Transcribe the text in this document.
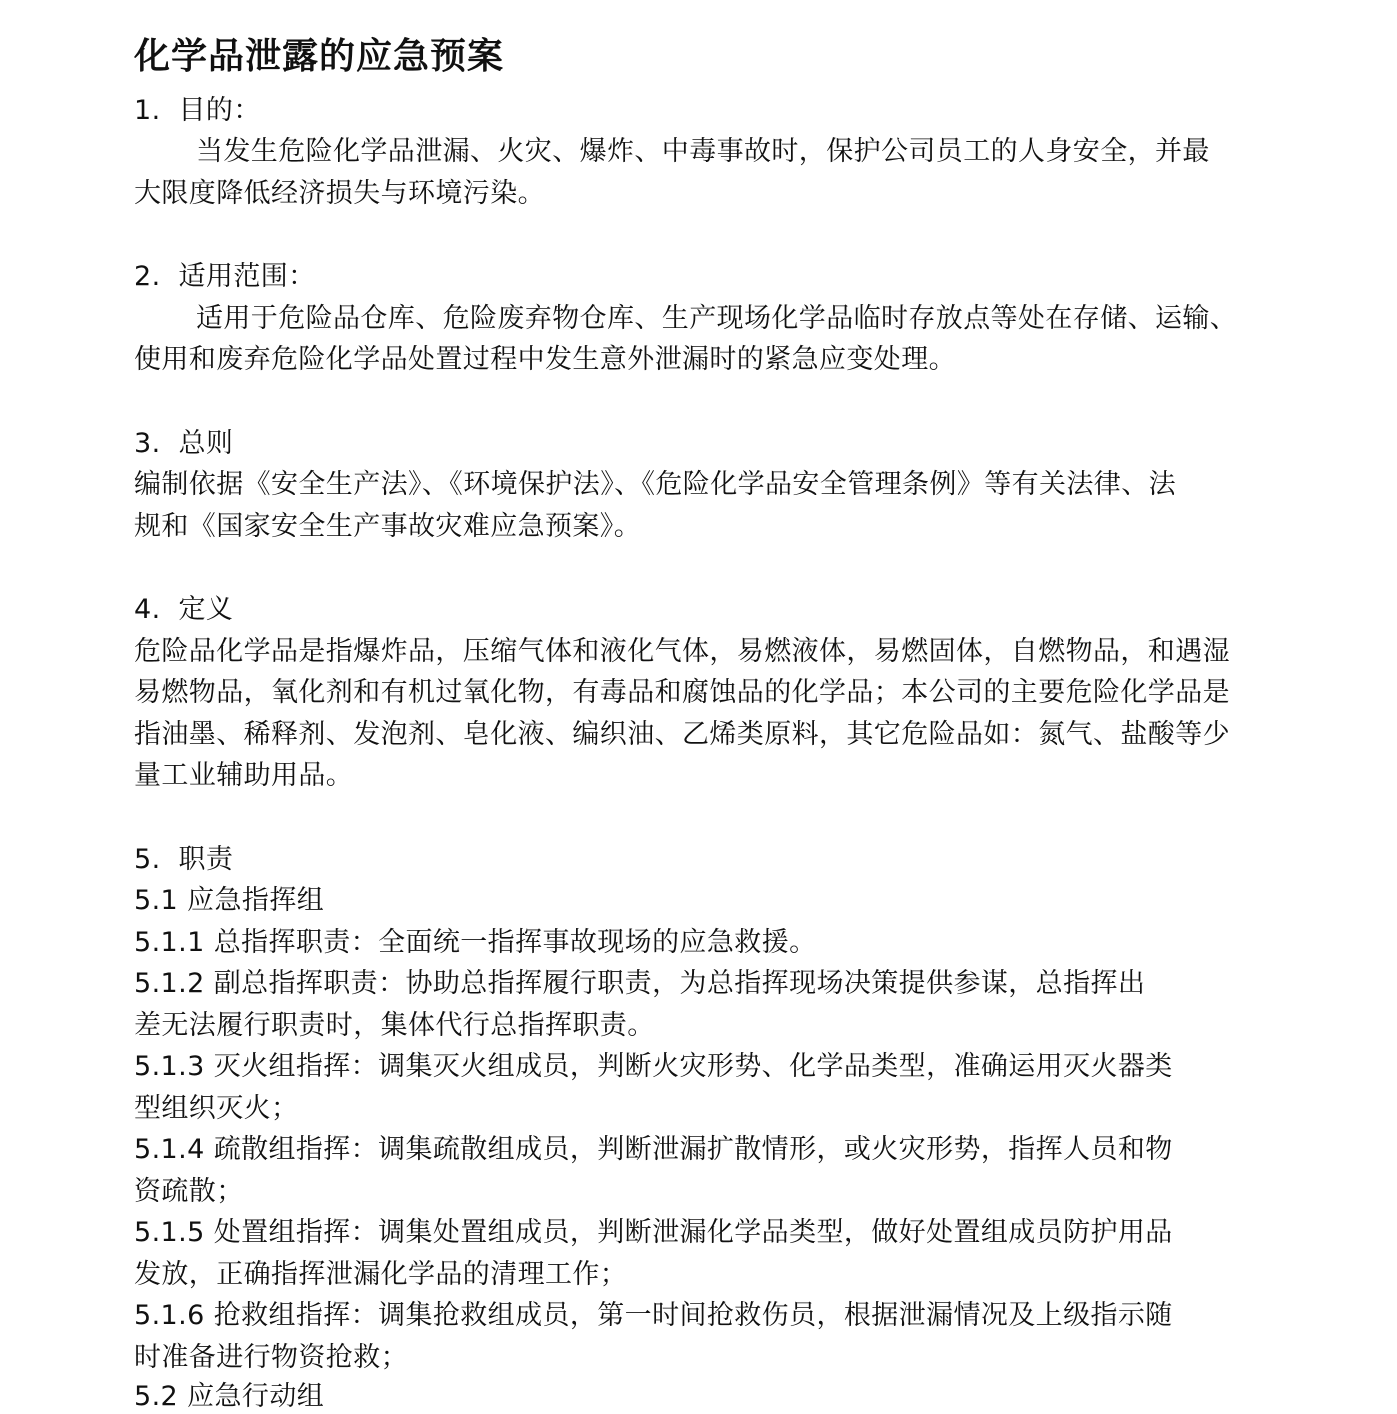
化学品泄露的应急预案
1. 目的：
当发生危险化学品泄漏、火灾、爆炸、中毒事故时，保护公司员工的人身安全，并最
大限度降低经济损失与环境污染。
2. 适用范围：
适用于危险品仓库、危险废弃物仓库、生产现场化学品临时存放点等处在存储、运输、
使用和废弃危险化学品处置过程中发生意外泄漏时的紧急应变处理。
3. 总则
编制依据《安全生产法》、《环境保护法》、《危险化学品安全管理条例》等有关法律、法
规和《国家安全生产事故灾难应急预案》。
4. 定义
危险品化学品是指爆炸品，压缩气体和液化气体，易燃液体，易燃固体，自燃物品，和遇湿
易燃物品，氧化剂和有机过氧化物，有毒品和腐蚀品的化学品；本公司的主要危险化学品是
指油墨、稀释剂、发泡剂、皂化液、编织油、乙烯类原料，其它危险品如：氮气、盐酸等少
量工业辅助用品。
5. 职责
5.1 应急指挥组
5.1.1 总指挥职责：全面统一指挥事故现场的应急救援。
5.1.2 副总指挥职责：协助总指挥履行职责，为总指挥现场决策提供参谋，总指挥出
差无法履行职责时，集体代行总指挥职责。
5.1.3 灭火组指挥：调集灭火组成员，判断火灾形势、化学品类型，准确运用灭火器类
型组织灭火；
5.1.4 疏散组指挥：调集疏散组成员，判断泄漏扩散情形，或火灾形势，指挥人员和物
资疏散；
5.1.5 处置组指挥：调集处置组成员，判断泄漏化学品类型，做好处置组成员防护用品
发放，正确指挥泄漏化学品的清理工作；
5.1.6 抢救组指挥：调集抢救组成员，第一时间抢救伤员，根据泄漏情况及上级指示随
时准备进行物资抢救；
5.2 应急行动组
